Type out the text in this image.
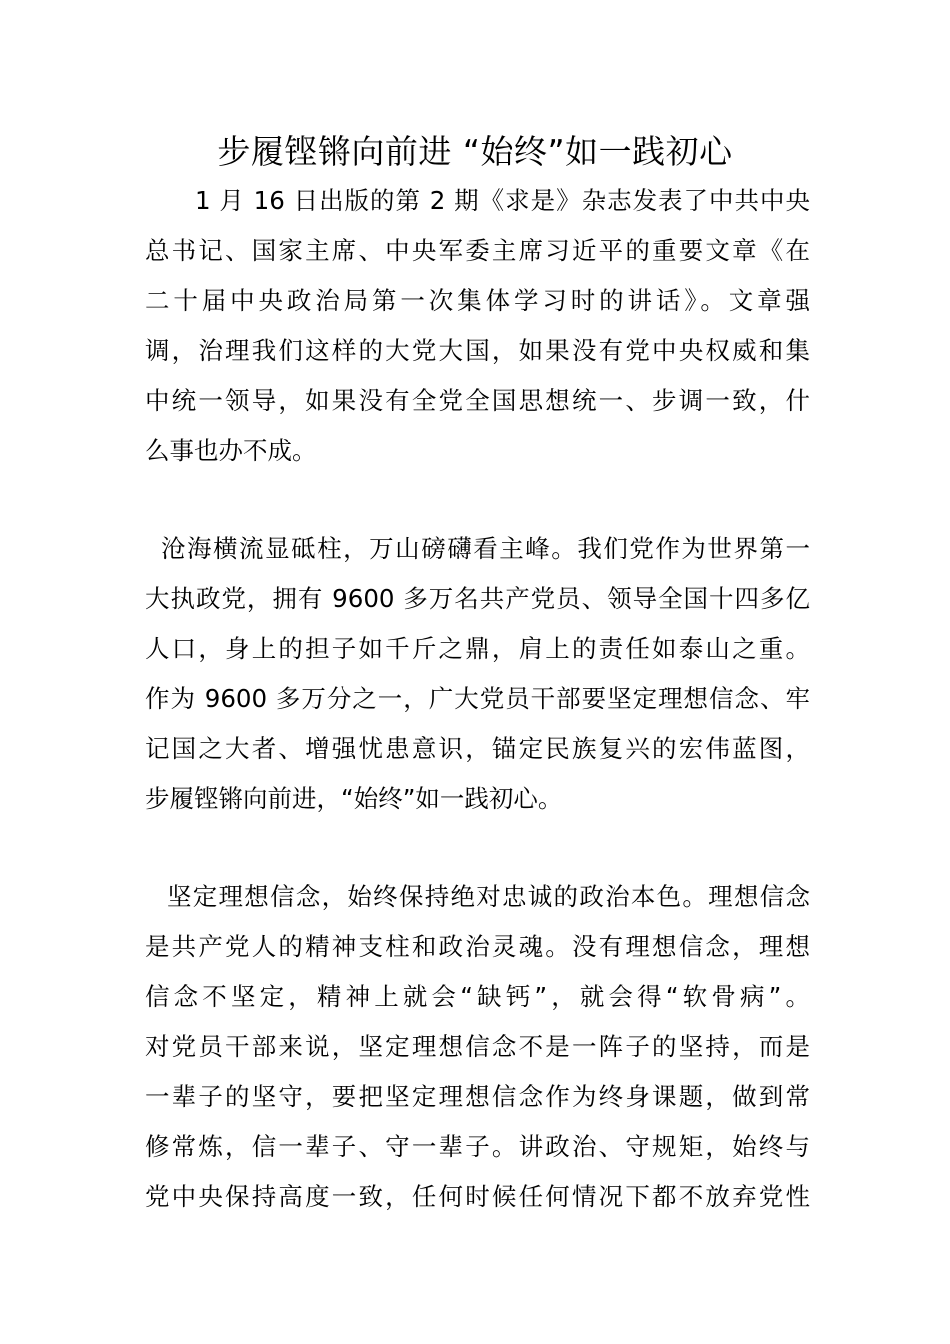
步履铿锵向前进 “始终”如一践初心
1 月 16 日出版的第 2 期《求是》杂志发表了中共中央
总书记、国家主席、中央军委主席习近平的重要文章《在
二十届中央政治局第一次集体学习时的讲话》。文章强
调，治理我们这样的大党大国，如果没有党中央权威和集
中统一领导，如果没有全党全国思想统一、步调一致，什
么事也办不成。
沧海横流显砥柱，万山磅礴看主峰。我们党作为世界第一
大执政党，拥有 9600 多万名共产党员、领导全国十四多亿
人口，身上的担子如千斤之鼎，肩上的责任如泰山之重。
作为 9600 多万分之一，广大党员干部要坚定理想信念、牢
记国之大者、增强忧患意识，锚定民族复兴的宏伟蓝图，
步履铿锵向前进，“始终”如一践初心。
坚定理想信念，始终保持绝对忠诚的政治本色。理想信念
是共产党人的精神支柱和政治灵魂。没有理想信念，理想
信念不坚定，精神上就会“缺钙”，就会得“软骨病”。
对党员干部来说，坚定理想信念不是一阵子的坚持，而是
一辈子的坚守，要把坚定理想信念作为终身课题，做到常
修常炼，信一辈子、守一辈子。讲政治、守规矩，始终与
党中央保持高度一致，任何时候任何情况下都不放弃党性
